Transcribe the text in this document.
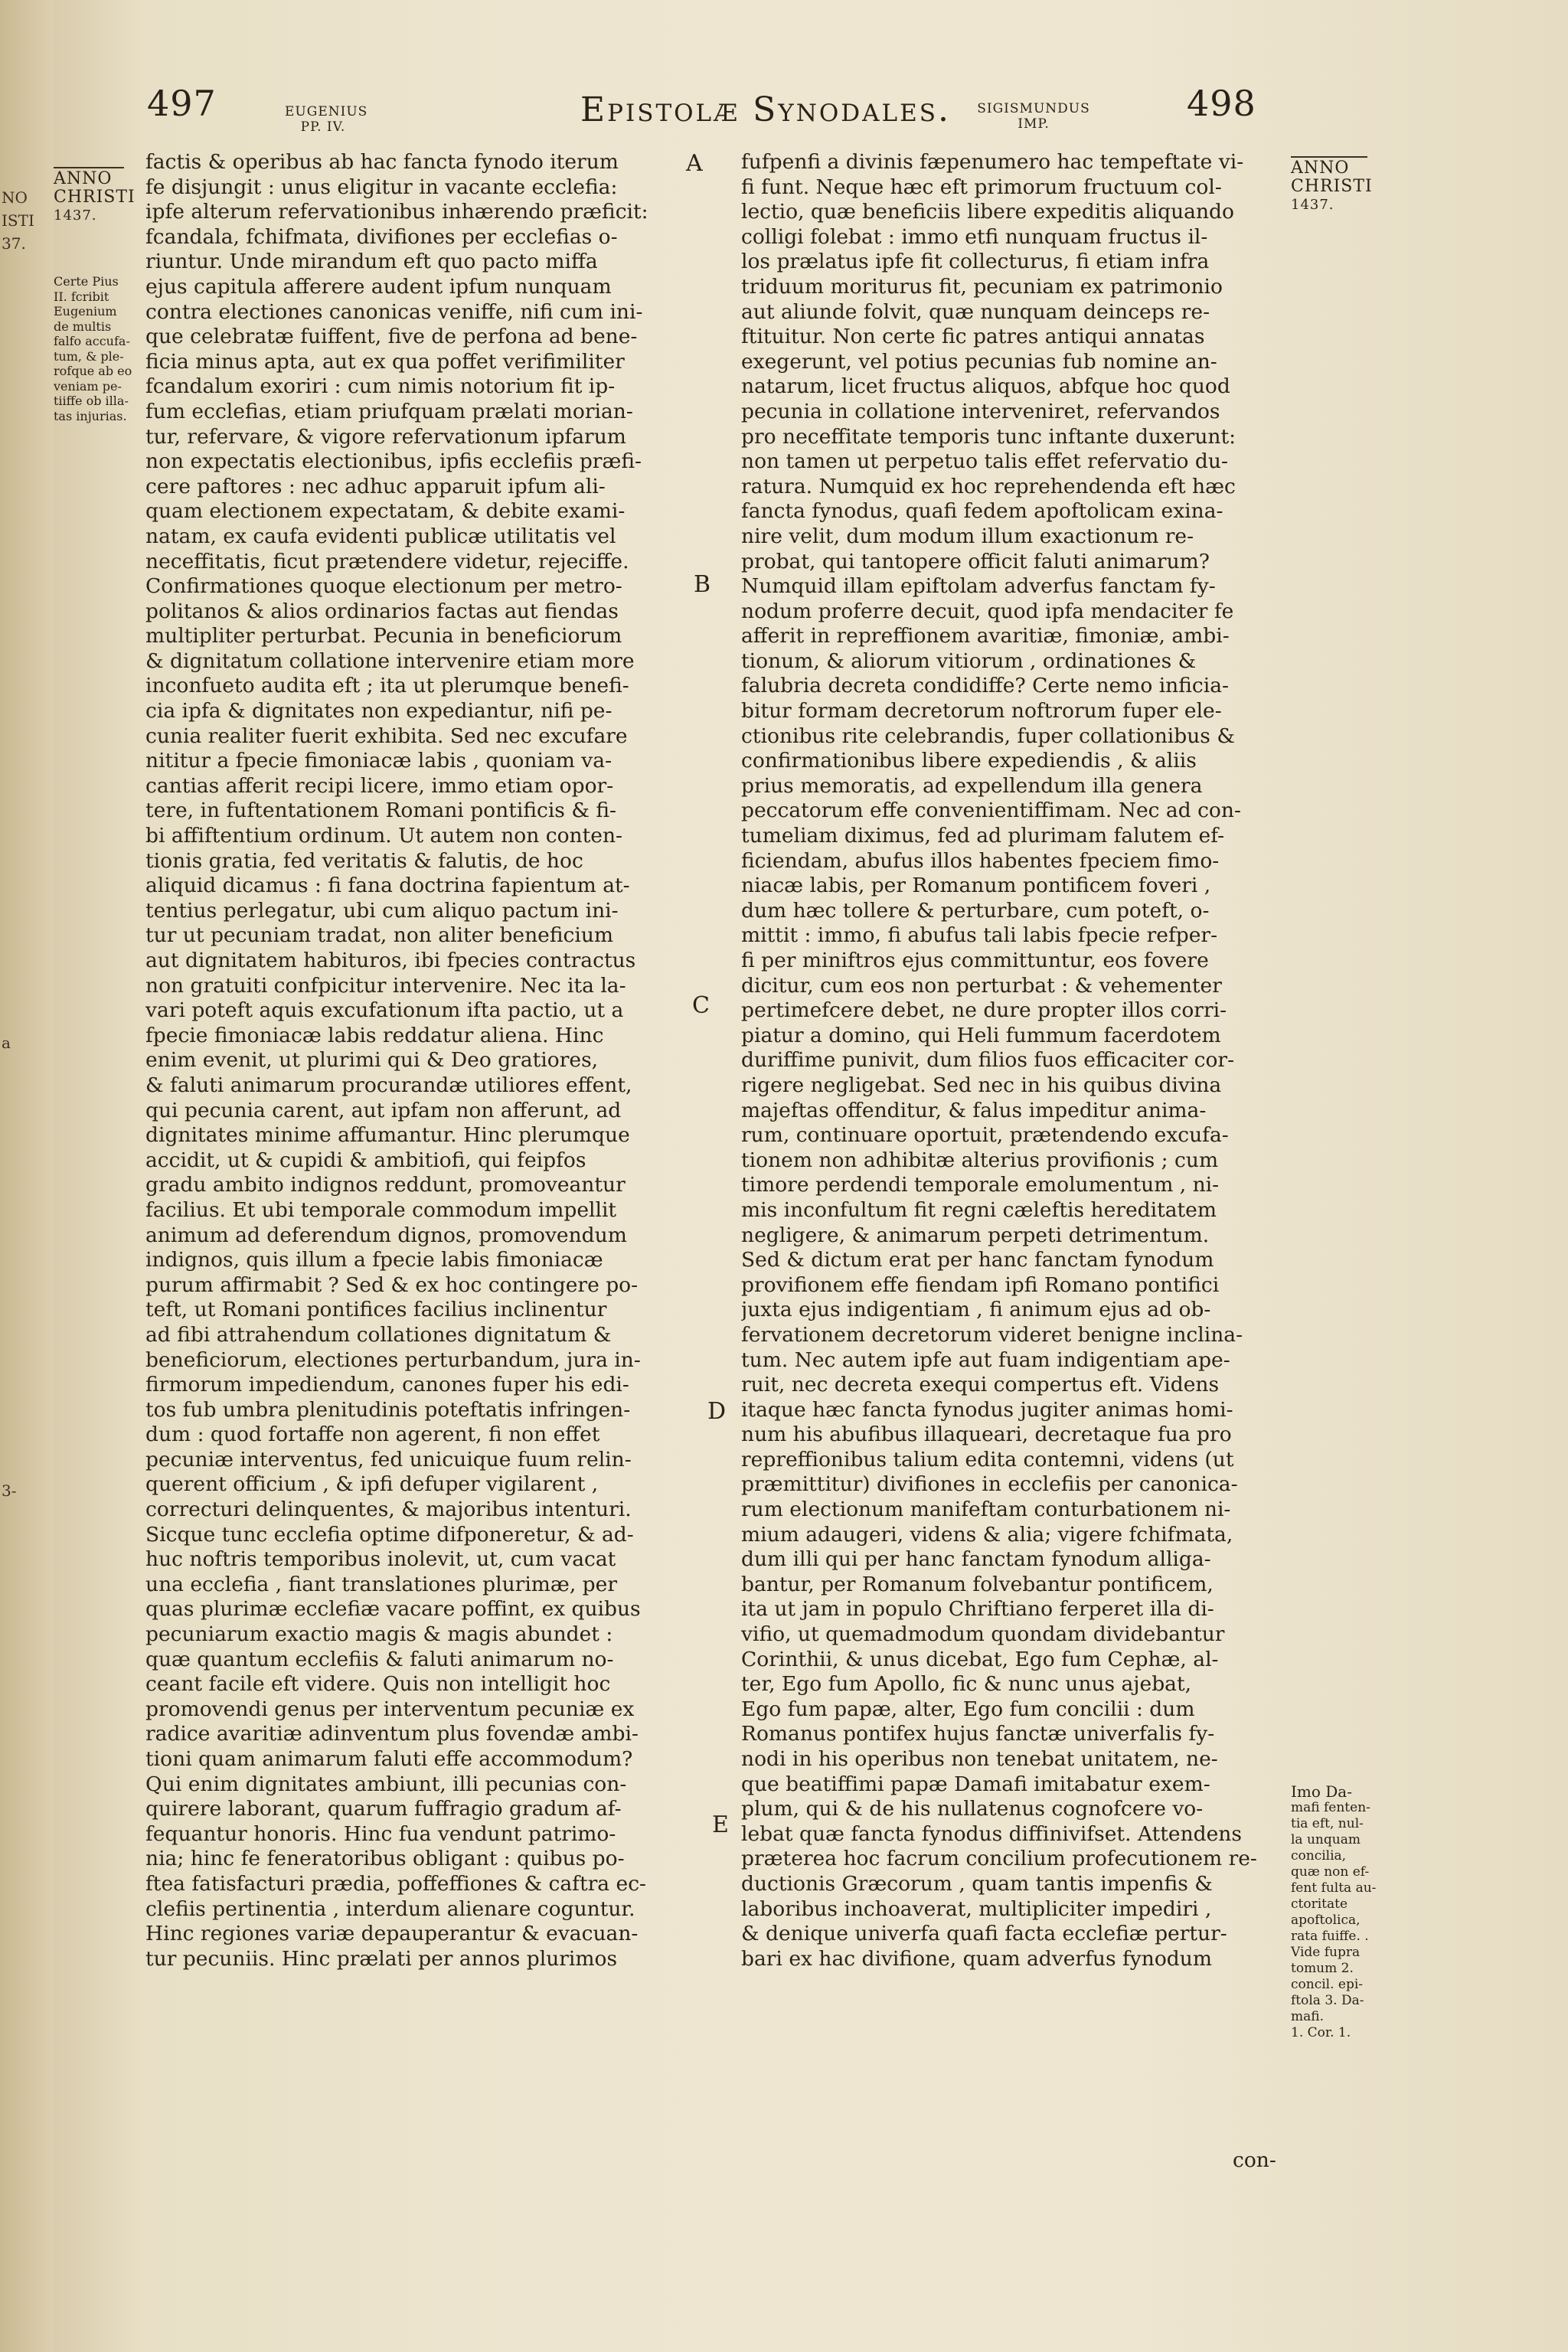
NO
ISTI
37.
a
3-
497	EUGENIUS
PP. IV.	Epistolæ Synodales.	SIGISMUNDUS
IMP.	498
ANNO
CHRISTI
1437.
Certe Pius
II. fcribit
Eugenium
de multis
falfo accufa-
tum, & ple-
rofque ab eo
veniam pe-
tiiffe ob illa-
tas injurias.
ANNO
CHRISTI
1437.
Imo Da-
mafi fenten-
tia eft, nul-
la unquam
concilia,
quæ non ef-
fent fulta au-
ctoritate
apoftolica,
rata fuiffe. .
Vide fupra
tomum 2.
concil. epi-
ftola 3. Da-
mafi.
1. Cor. 1.
A
B
C
D
E
factis & operibus ab hac fancta fynodo iterum
fe disjungit : unus eligitur in vacante ecclefia:
ipfe alterum refervationibus inhærendo præficit:
fcandala, fchifmata, divifiones per ecclefias o-
riuntur. Unde mirandum eft quo pacto miffa
ejus capitula afferere audent ipfum nunquam
contra electiones canonicas veniffe, nifi cum ini-
que celebratæ fuiffent, five de perfona ad bene-
ficia minus apta, aut ex qua poffet verifimiliter
fcandalum exoriri : cum nimis notorium fit ip-
fum ecclefias, etiam priufquam prælati morian-
tur, refervare, & vigore refervationum ipfarum
non expectatis electionibus, ipfis ecclefiis præfi-
cere paftores : nec adhuc apparuit ipfum ali-
quam electionem expectatam, & debite exami-
natam, ex caufa evidenti publicæ utilitatis vel
neceffitatis, ficut prætendere videtur, rejeciffe.
Confirmationes quoque electionum per metro-
politanos & alios ordinarios factas aut fiendas
multipliter perturbat. Pecunia in beneficiorum
& dignitatum collatione intervenire etiam more
inconfueto audita eft ; ita ut plerumque benefi-
cia ipfa & dignitates non expediantur, nifi pe-
cunia realiter fuerit exhibita. Sed nec excufare
nititur a fpecie fimoniacæ labis , quoniam va-
cantias afferit recipi licere, immo etiam opor-
tere, in fuftentationem Romani pontificis & fi-
bi affiftentium ordinum. Ut autem non conten-
tionis gratia, fed veritatis & falutis, de hoc
aliquid dicamus : fi fana doctrina fapientum at-
tentius perlegatur, ubi cum aliquo pactum ini-
tur ut pecuniam tradat, non aliter beneficium
aut dignitatem habituros, ibi fpecies contractus
non gratuiti confpicitur intervenire. Nec ita la-
vari poteft aquis excufationum ifta pactio, ut a
fpecie fimoniacæ labis reddatur aliena. Hinc
enim evenit, ut plurimi qui & Deo gratiores,
& faluti animarum procurandæ utiliores effent,
qui pecunia carent, aut ipfam non afferunt, ad
dignitates minime affumantur. Hinc plerumque
accidit, ut & cupidi & ambitiofi, qui feipfos
gradu ambito indignos reddunt, promoveantur
facilius. Et ubi temporale commodum impellit
animum ad deferendum dignos, promovendum
indignos, quis illum a fpecie labis fimoniacæ
purum affirmabit ? Sed & ex hoc contingere po-
teft, ut Romani pontifices facilius inclinentur
ad fibi attrahendum collationes dignitatum &
beneficiorum, electiones perturbandum, jura in-
firmorum impediendum, canones fuper his edi-
tos fub umbra plenitudinis poteftatis infringen-
dum : quod fortaffe non agerent, fi non effet
pecuniæ interventus, fed unicuique fuum relin-
querent officium , & ipfi defuper vigilarent ,
correcturi delinquentes, & majoribus intenturi.
Sicque tunc ecclefia optime difponeretur, & ad-
huc noftris temporibus inolevit, ut, cum vacat
una ecclefia , fiant translationes plurimæ, per
quas plurimæ ecclefiæ vacare poffint, ex quibus
pecuniarum exactio magis & magis abundet :
quæ quantum ecclefiis & faluti animarum no-
ceant facile eft videre. Quis non intelligit hoc
promovendi genus per interventum pecuniæ ex
radice avaritiæ adinventum plus fovendæ ambi-
tioni quam animarum faluti effe accommodum?
Qui enim dignitates ambiunt, illi pecunias con-
quirere laborant, quarum fuffragio gradum af-
fequantur honoris. Hinc fua vendunt patrimo-
nia; hinc fe feneratoribus obligant : quibus po-
ftea fatisfacturi prædia, poffeffiones & caftra ec-
clefiis pertinentia , interdum alienare coguntur.
Hinc regiones variæ depauperantur & evacuan-
tur pecuniis. Hinc prælati per annos plurimos
fufpenfi a divinis fæpenumero hac tempeftate vi-
fi funt. Neque hæc eft primorum fructuum col-
lectio, quæ beneficiis libere expeditis aliquando
colligi folebat : immo etfi nunquam fructus il-
los prælatus ipfe fit collecturus, fi etiam infra
triduum moriturus fit, pecuniam ex patrimonio
aut aliunde folvit, quæ nunquam deinceps re-
ftituitur. Non certe fic patres antiqui annatas
exegerunt, vel potius pecunias fub nomine an-
natarum, licet fructus aliquos, abfque hoc quod
pecunia in collatione interveniret, refervandos
pro neceffitate temporis tunc inftante duxerunt:
non tamen ut perpetuo talis effet refervatio du-
ratura. Numquid ex hoc reprehendenda eft hæc
fancta fynodus, quafi fedem apoftolicam exina-
nire velit, dum modum illum exactionum re-
probat, qui tantopere officit faluti animarum?
Numquid illam epiftolam adverfus fanctam fy-
nodum proferre decuit, quod ipfa mendaciter fe
afferit in repreffionem avaritiæ, fimoniæ, ambi-
tionum, & aliorum vitiorum , ordinationes &
falubria decreta condidiffe? Certe nemo inficia-
bitur formam decretorum noftrorum fuper ele-
ctionibus rite celebrandis, fuper collationibus &
confirmationibus libere expediendis , & aliis
prius memoratis, ad expellendum illa genera
peccatorum effe convenientiffimam. Nec ad con-
tumeliam diximus, fed ad plurimam falutem ef-
ficiendam, abufus illos habentes fpeciem fimo-
niacæ labis, per Romanum pontificem foveri ,
dum hæc tollere & perturbare, cum poteft, o-
mittit : immo, fi abufus tali labis fpecie refper-
fi per miniftros ejus committuntur, eos fovere
dicitur, cum eos non perturbat : & vehementer
pertimefcere debet, ne dure propter illos corri-
piatur a domino, qui Heli fummum facerdotem
duriffime punivit, dum filios fuos efficaciter cor-
rigere negligebat. Sed nec in his quibus divina
majeftas offenditur, & falus impeditur anima-
rum, continuare oportuit, prætendendo excufa-
tionem non adhibitæ alterius provifionis ; cum
timore perdendi temporale emolumentum , ni-
mis inconfultum fit regni cæleftis hereditatem
negligere, & animarum perpeti detrimentum.
Sed & dictum erat per hanc fanctam fynodum
provifionem effe fiendam ipfi Romano pontifici
juxta ejus indigentiam , fi animum ejus ad ob-
fervationem decretorum videret benigne inclina-
tum. Nec autem ipfe aut fuam indigentiam ape-
ruit, nec decreta exequi compertus eft. Videns
itaque hæc fancta fynodus jugiter animas homi-
num his abufibus illaqueari, decretaque fua pro
repreffionibus talium edita contemni, videns (ut
præmittitur) divifiones in ecclefiis per canonica-
rum electionum manifeftam conturbationem ni-
mium adaugeri, videns & alia; vigere fchifmata,
dum illi qui per hanc fanctam fynodum alliga-
bantur, per Romanum folvebantur pontificem,
ita ut jam in populo Chriftiano ferperet illa di-
vifio, ut quemadmodum quondam dividebantur
Corinthii, & unus dicebat, Ego fum Cephæ, al-
ter, Ego fum Apollo, fic & nunc unus ajebat,
Ego fum papæ, alter, Ego fum concilii : dum
Romanus pontifex hujus fanctæ univerfalis fy-
nodi in his operibus non tenebat unitatem, ne-
que beatiffimi papæ Damafi imitabatur exem-
plum, qui & de his nullatenus cognofcere vo-
lebat quæ fancta fynodus diffinivifset. Attendens
præterea hoc facrum concilium profecutionem re-
ductionis Græcorum , quam tantis impenfis &
laboribus inchoaverat, multipliciter impediri ,
& denique univerfa quafi facta ecclefiæ pertur-
bari ex hac divifione, quam adverfus fynodum
con-
